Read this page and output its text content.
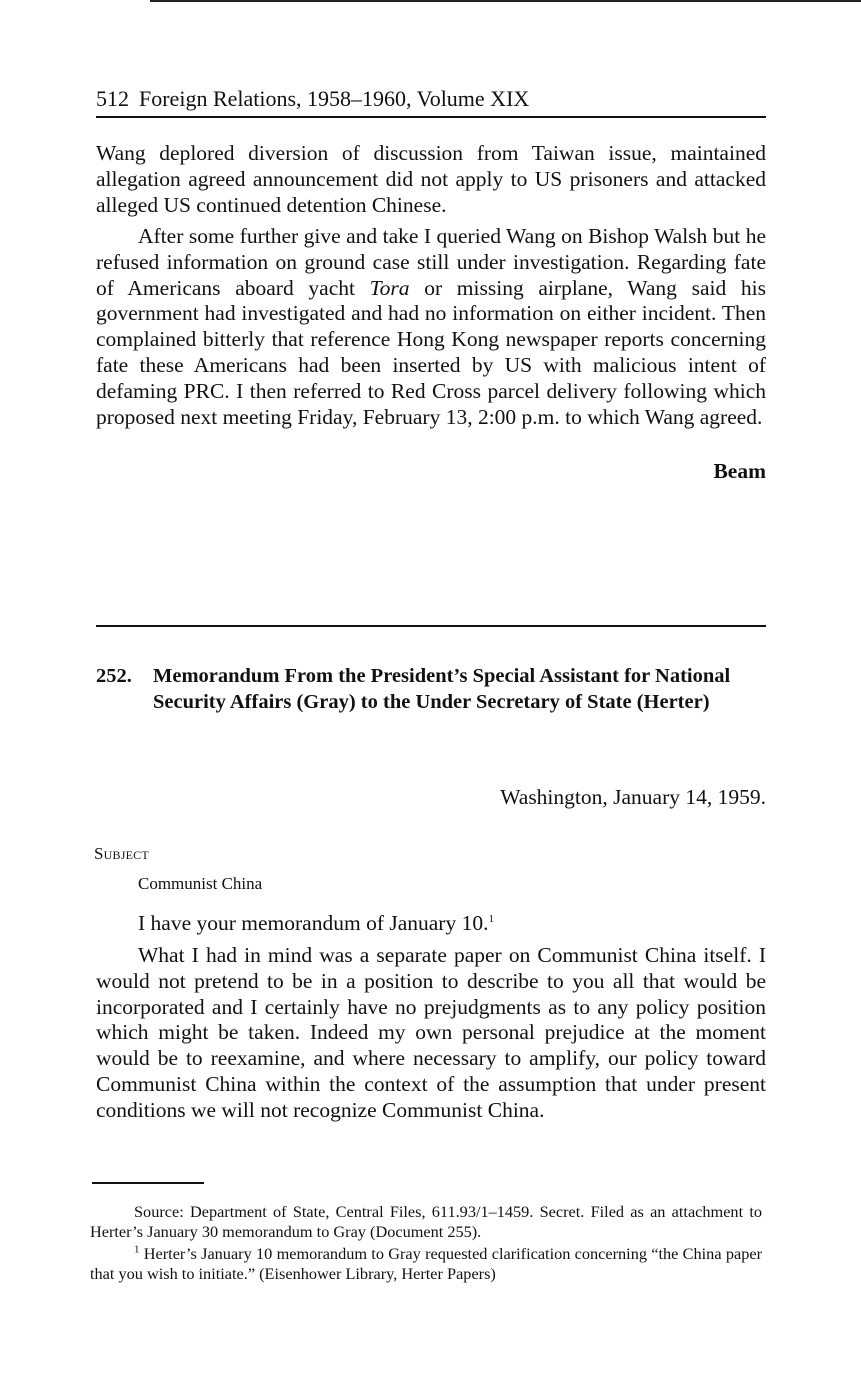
512 Foreign Relations, 1958–1960, Volume XIX

Wang deplored diversion of discussion from Taiwan issue, maintained allegation agreed announcement did not apply to US prisoners and attacked alleged US continued detention Chinese.

After some further give and take I queried Wang on Bishop Walsh but he refused information on ground case still under investigation. Regarding fate of Americans aboard yacht Tora or missing airplane, Wang said his government had investigated and had no information on either incident. Then complained bitterly that reference Hong Kong newspaper reports concerning fate these Americans had been inserted by US with malicious intent of defaming PRC. I then referred to Red Cross parcel delivery following which proposed next meeting Friday, February 13, 2:00 p.m. to which Wang agreed.

Beam
252. Memorandum From the President’s Special Assistant for National Security Affairs (Gray) to the Under Secretary of State (Herter)
Washington, January 14, 1959.
Subject
Communist China

I have your memorandum of January 10.$^1$

What I had in mind was a separate paper on Communist China itself. I would not pretend to be in a position to describe to you all that would be incorporated and I certainly have no prejudgments as to any policy position which might be taken. Indeed my own personal prejudice at the moment would be to reexamine, and where necessary to amplify, our policy toward Communist China within the context of the assumption that under present conditions we will not recognize Communist China.

Source: Department of State, Central Files, 611.93/1–1459. Secret. Filed as an attachment to Herter’s January 30 memorandum to Gray (Document 255).

$^1$ Herter’s January 10 memorandum to Gray requested clarification concerning “the China paper that you wish to initiate.” (Eisenhower Library, Herter Papers)
